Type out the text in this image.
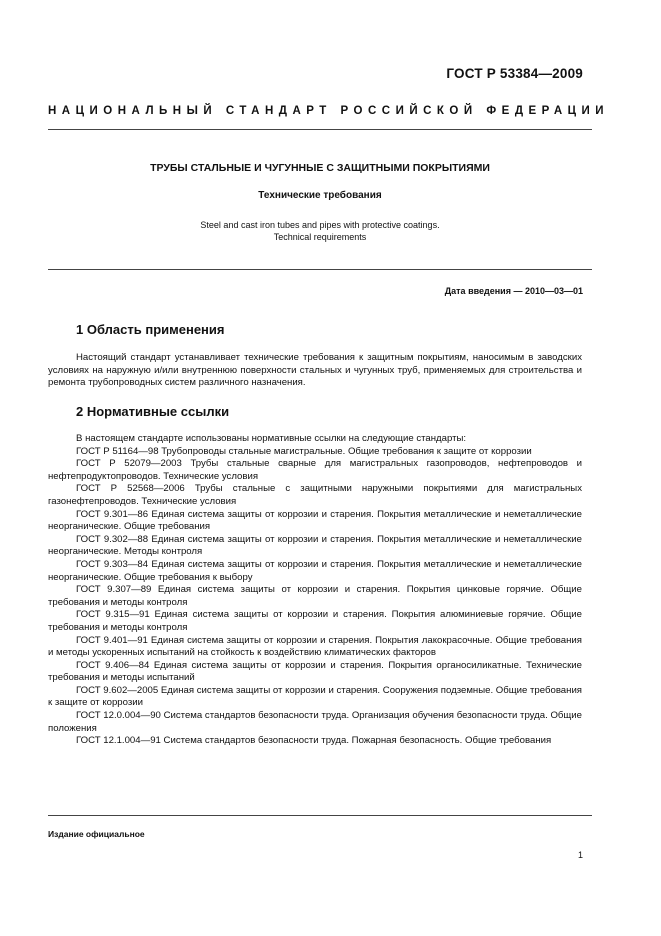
ГОСТ Р 53384—2009
НАЦИОНАЛЬНЫЙ СТАНДАРТ РОССИЙСКОЙ ФЕДЕРАЦИИ
ТРУБЫ СТАЛЬНЫЕ И ЧУГУННЫЕ С ЗАЩИТНЫМИ ПОКРЫТИЯМИ
Технические требования
Steel and cast iron tubes and pipes with protective coatings.
Technical requirements
Дата введения — 2010—03—01
1 Область применения
Настоящий стандарт устанавливает технические требования к защитным покрытиям, наносимым в заводских условиях на наружную и/или внутреннюю поверхности стальных и чугунных труб, применяемых для строительства и ремонта трубопроводных систем различного назначения.
2 Нормативные ссылки

В настоящем стандарте использованы нормативные ссылки на следующие стандарты:

ГОСТ Р 51164—98 Трубопроводы стальные магистральные. Общие требования к защите от коррозии

ГОСТ Р 52079—2003 Трубы стальные сварные для магистральных газопроводов, нефтепроводов и нефтепродуктопроводов. Технические условия

ГОСТ Р 52568—2006 Трубы стальные с защитными наружными покрытиями для магистральных газонефтепроводов. Технические условия

ГОСТ 9.301—86 Единая система защиты от коррозии и старения. Покрытия металлические и неметаллические неорганические. Общие требования

ГОСТ 9.302—88 Единая система защиты от коррозии и старения. Покрытия металлические и неметаллические неорганические. Методы контроля

ГОСТ 9.303—84 Единая система защиты от коррозии и старения. Покрытия металлические и неметаллические неорганические. Общие требования к выбору

ГОСТ 9.307—89 Единая система защиты от коррозии и старения. Покрытия цинковые горячие. Общие требования и методы контроля

ГОСТ 9.315—91 Единая система защиты от коррозии и старения. Покрытия алюминиевые горячие. Общие требования и методы контроля

ГОСТ 9.401—91 Единая система защиты от коррозии и старения. Покрытия лакокрасочные. Общие требования и методы ускоренных испытаний на стойкость к воздействию климатических факторов

ГОСТ 9.406—84 Единая система защиты от коррозии и старения. Покрытия органосиликатные. Технические требования и методы испытаний

ГОСТ 9.602—2005 Единая система защиты от коррозии и старения. Сооружения подземные. Общие требования к защите от коррозии

ГОСТ 12.0.004—90 Система стандартов безопасности труда. Организация обучения безопасности труда. Общие положения

ГОСТ 12.1.004—91 Система стандартов безопасности труда. Пожарная безопасность. Общие требования

Издание официальное
1
